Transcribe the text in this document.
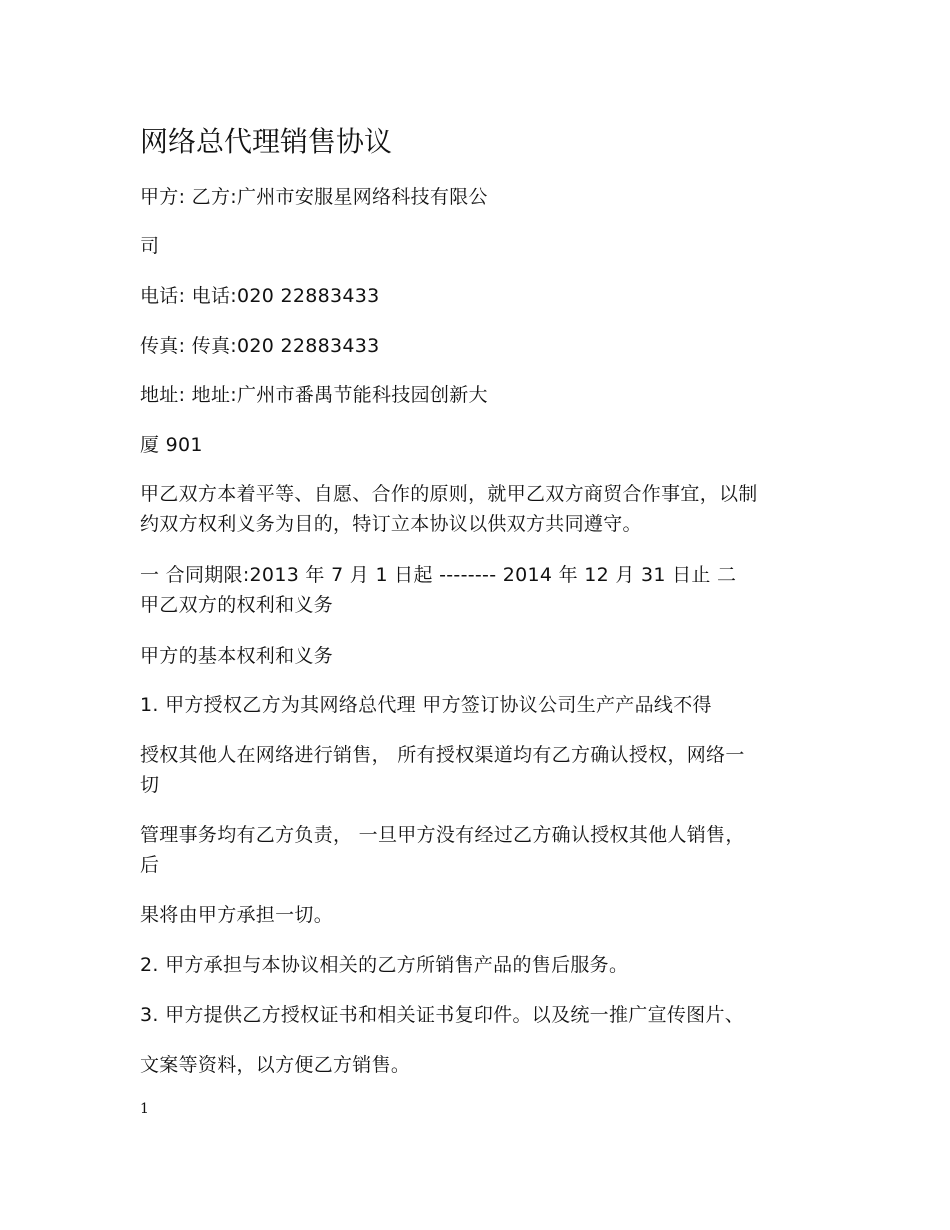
网络总代理销售协议
甲方: 乙方:广州市安服星网络科技有限公
司
电话: 电话:020 22883433
传真: 传真:020 22883433
地址: 地址:广州市番禺节能科技园创新大
厦 901
甲乙双方本着平等、自愿、合作的原则，就甲乙双方商贸合作事宜，以制
约双方权利义务为目的，特订立本协议以供双方共同遵守。
一 合同期限:2013 年 7 月 1 日起 -------- 2014 年 12 月 31 日止 二
甲乙双方的权利和义务
甲方的基本权利和义务
1. 甲方授权乙方为其网络总代理 甲方签订协议公司生产产品线不得
授权其他人在网络进行销售， 所有授权渠道均有乙方确认授权，网络一
切
管理事务均有乙方负责， 一旦甲方没有经过乙方确认授权其他人销售，
后
果将由甲方承担一切。
2. 甲方承担与本协议相关的乙方所销售产品的售后服务。
3. 甲方提供乙方授权证书和相关证书复印件。以及统一推广宣传图片、
文案等资料，以方便乙方销售。
1
